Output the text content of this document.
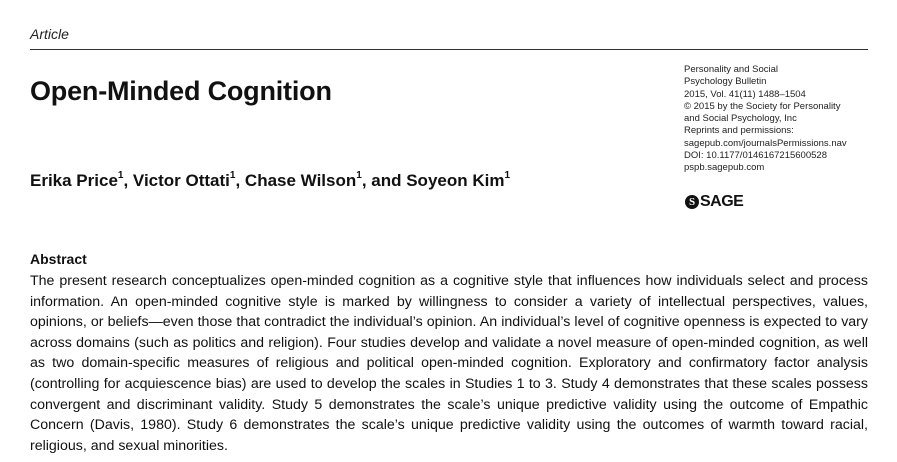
Article
Open-Minded Cognition
Erika Price$^1$, Victor Ottati$^1$, Chase Wilson$^1$, and Soyeon Kim$^1$
Personality and Social
Psychology Bulletin
2015, Vol. 41(11) 1488–1504
© 2015 by the Society for Personality
and Social Psychology, Inc
Reprints and permissions:
sagepub.com/journalsPermissions.nav
DOI: 10.1177/0146167215600528
pspb.sagepub.com
S SAGE
Abstract

The present research conceptualizes open-minded cognition as a cognitive style that influences how individuals select and process information. An open-minded cognitive style is marked by willingness to consider a variety of intellectual perspectives, values, opinions, or beliefs—even those that contradict the individual’s opinion. An individual’s level of cognitive openness is expected to vary across domains (such as politics and religion). Four studies develop and validate a novel measure of open-minded cognition, as well as two domain-specific measures of religious and political open-minded cognition. Exploratory and confirmatory factor analysis (controlling for acquiescence bias) are used to develop the scales in Studies 1 to 3. Study 4 demonstrates that these scales possess convergent and discriminant validity. Study 5 demonstrates the scale’s unique predictive validity using the outcome of Empathic Concern (Davis, 1980). Study 6 demonstrates the scale’s unique predictive validity using the outcomes of warmth toward racial, religious, and sexual minorities.
